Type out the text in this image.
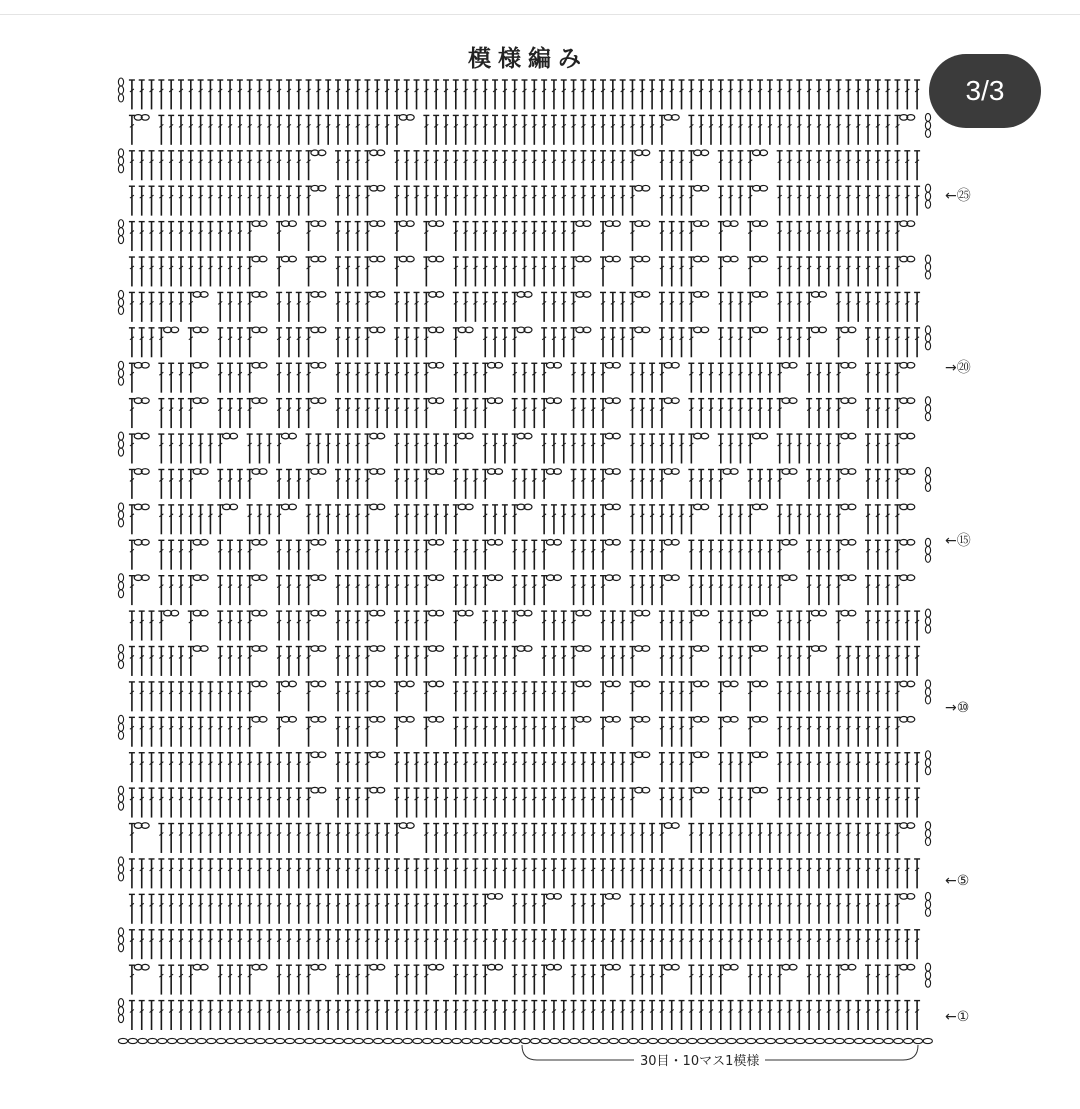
模様編み
3/3
←㉕
→⑳
←⑮
→⑩
←⑤
←①
30目・10マス1模様
